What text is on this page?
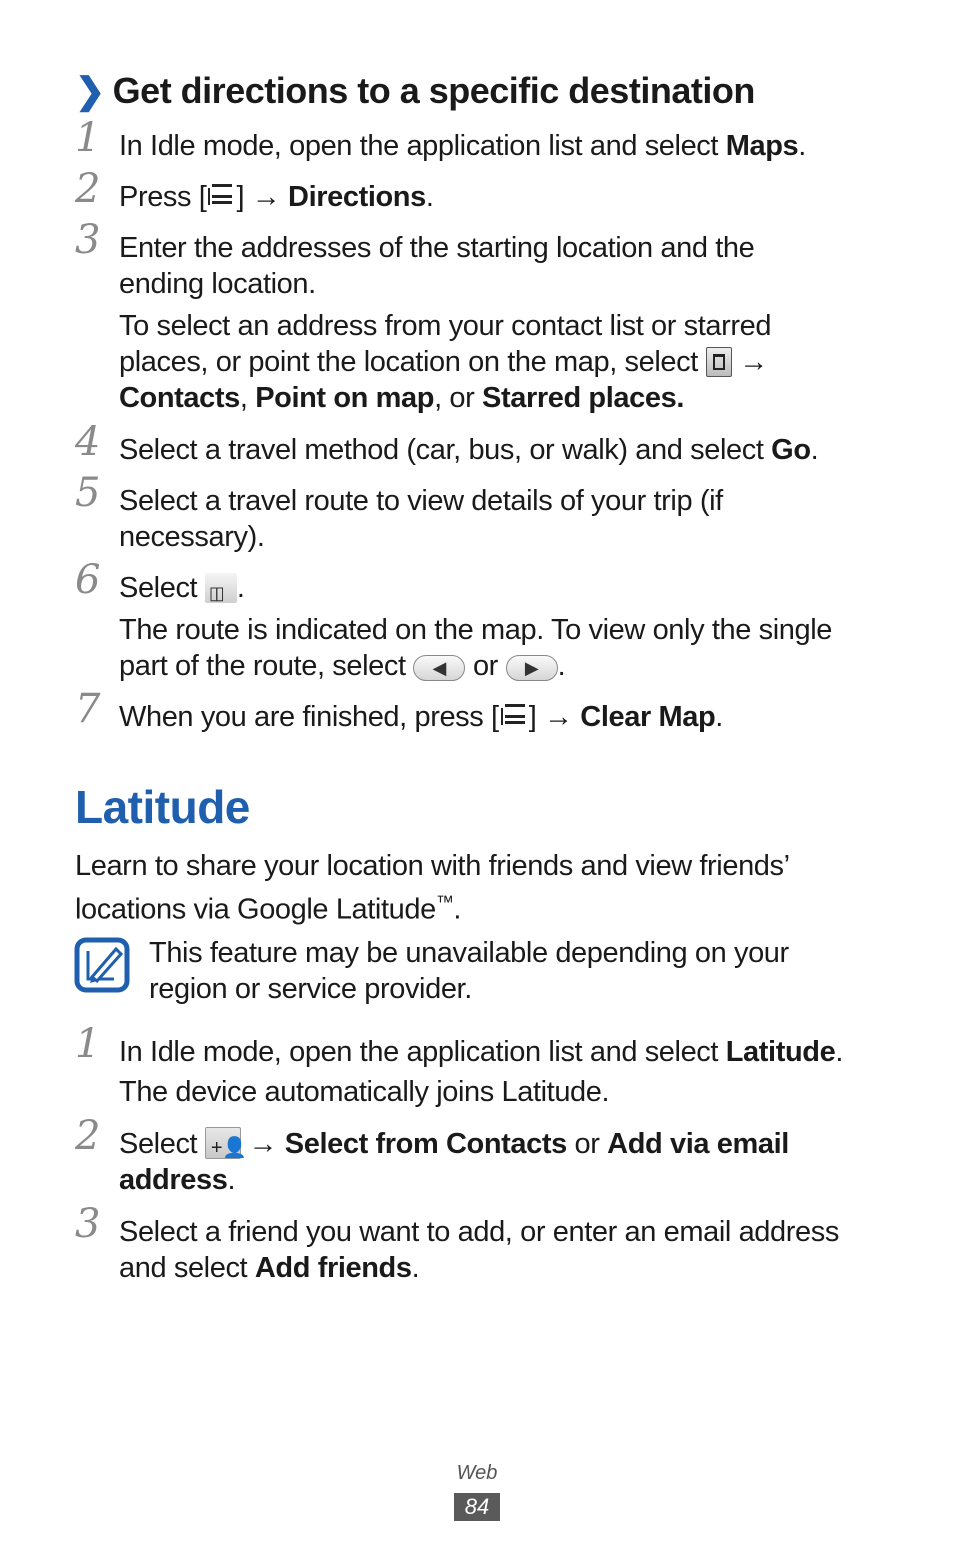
❯ Get directions to a specific destination
1 In Idle mode, open the application list and select Maps.
2 Press [ ] → Directions.
3 Enter the addresses of the starting location and the ending location.
To select an address from your contact list or starred places, or point the location on the map, select  → Contacts, Point on map, or Starred places.
4 Select a travel method (car, bus, or walk) and select Go.
5 Select a travel route to view details of your trip (if necessary).
6 Select ▯▯.
The route is indicated on the map. To view only the single part of the route, select	◀ or	▶ .
7 When you are finished, press [ ] → Clear Map.
Latitude

Learn to share your location with friends and view friends’ locations via Google Latitude™.

This feature may be unavailable depending on your region or service provider.

1 In Idle mode, open the application list and select Latitude.
The device automatically joins Latitude.
2 Select +👤
→ Select from Contacts or Add via email address.
3 Select a friend you want to add, or enter an email address and select Add friends.
Web
84
